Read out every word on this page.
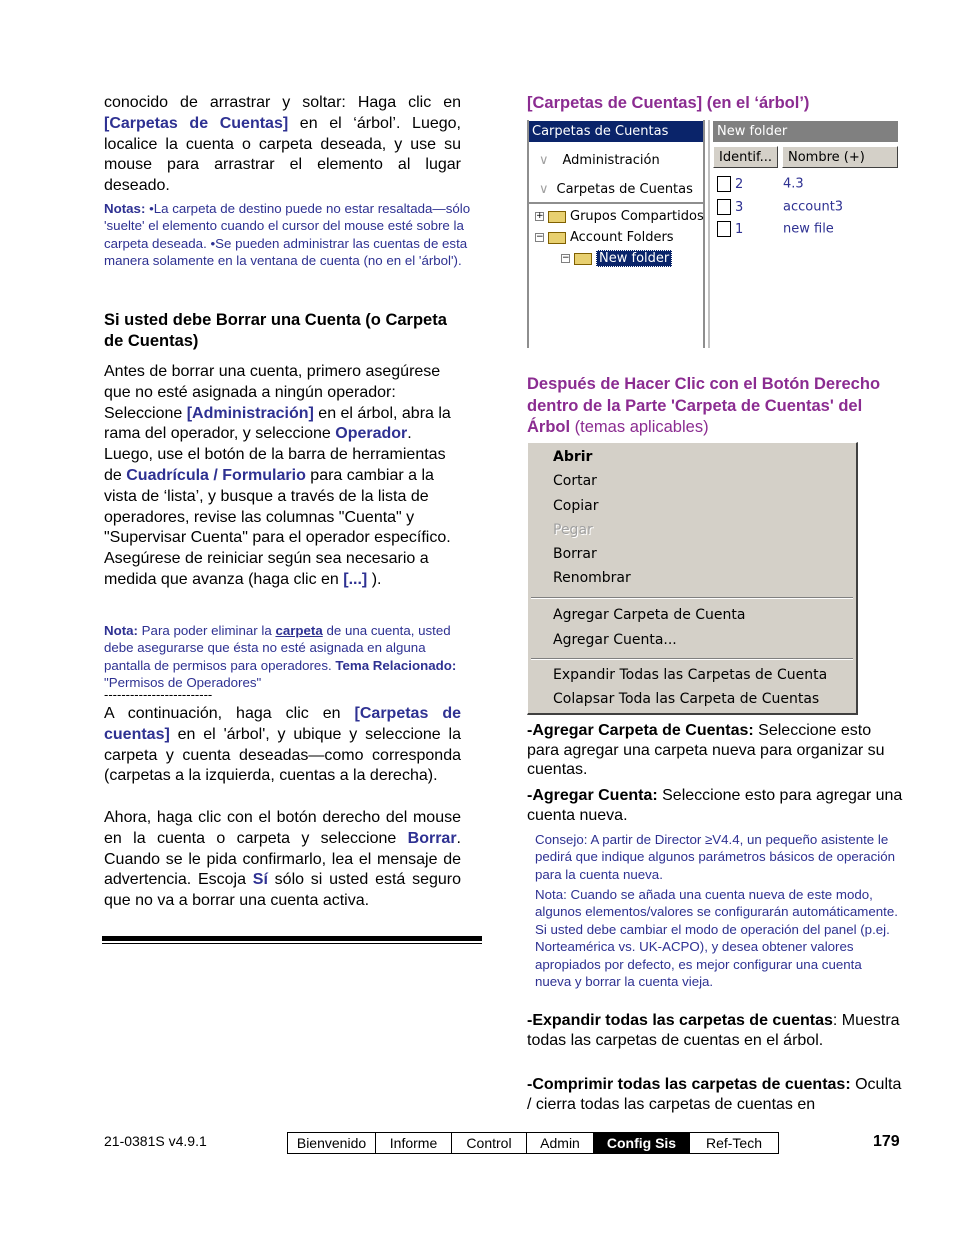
conocido de arrastrar y soltar: Haga clic en [Carpetas de Cuentas] en el ‘árbol’. Luego, localice la cuenta o carpeta deseada, y use su mouse para arrastrar el elemento al lugar deseado.
Notas: •La carpeta de destino puede no estar resaltada—sólo 'suelte' el elemento cuando el cursor del mouse esté sobre la carpeta deseada. •Se pueden administrar las cuentas de esta manera solamente en la ventana de cuenta (no en el 'árbol').
Si usted debe Borrar una Cuenta (o Carpeta de Cuentas)
Antes de borrar una cuenta, primero asegúrese que no esté asignada a ningún operador: Seleccione [Administración] en el árbol, abra la rama del operador, y seleccione Operador. Luego, use el botón de la barra de herramientas de Cuadrícula / Formulario para cambiar a la vista de ‘lista’, y busque a través de la lista de operadores, revise las columnas "Cuenta" y "Supervisar Cuenta" para el operador específico. Asegúrese de reiniciar según sea necesario a medida que avanza (haga clic en [...] ).
Nota: Para poder eliminar la carpeta de una cuenta, usted debe asegurarse que ésta no esté asignada en alguna pantalla de permisos para operadores. Tema Relacionado: "Permisos de Operadores"
-------------------------
A continuación, haga clic en [Carpetas de cuentas] en el 'árbol', y ubique y seleccione la carpeta y cuenta deseadas—como corresponda (carpetas a la izquierda, cuentas a la derecha).
Ahora, haga clic con el botón derecho del mouse en la cuenta o carpeta y seleccione Borrar. Cuando se le pida confirmarlo, lea el mensaje de advertencia. Escoja Sí sólo si usted está seguro que no va a borrar una cuenta activa.
[Carpetas de Cuentas] (en el ‘árbol’)
Carpetas de Cuentas	New folder
∨ Administración
∨ Carpetas de Cuentas
+ Grupos Compartidos
− Account Folders
− New folder
Identif...	Nombre (+)
2	4.3
3	account3
1	new file
Después de Hacer Clic con el Botón Derecho dentro de la Parte 'Carpeta de Cuentas' del Árbol (temas aplicables)
Abrir
Cortar
Copiar
Pegar
Borrar
Renombrar
Agregar Carpeta de Cuenta
Agregar Cuenta...
Expandir Todas las Carpetas de Cuenta
Colapsar Toda las Carpeta de Cuentas
-Agregar Carpeta de Cuentas: Seleccione esto para agregar una carpeta nueva para organizar su cuentas.
-Agregar Cuenta: Seleccione esto para agregar una cuenta nueva.
Consejo: A partir de Director ≥V4.4, un pequeño asistente le pedirá que indique algunos parámetros básicos de operación para la cuenta nueva.
Nota: Cuando se añada una cuenta nueva de este modo, algunos elementos/valores se configurarán automáticamente. Si usted debe cambiar el modo de operación del panel (p.ej. Norteamérica vs. UK-ACPO), y desea obtener valores apropiados por defecto, es mejor configurar una cuenta nueva y borrar la cuenta vieja.
-Expandir todas las carpetas de cuentas: Muestra todas las carpetas de cuentas en el árbol.
-Comprimir todas las carpetas de cuentas: Oculta / cierra todas las carpetas de cuentas en
21-0381S v4.9.1	Bienvenido	Informe	Control	Admin	Config Sis	Ref-Tech	179
